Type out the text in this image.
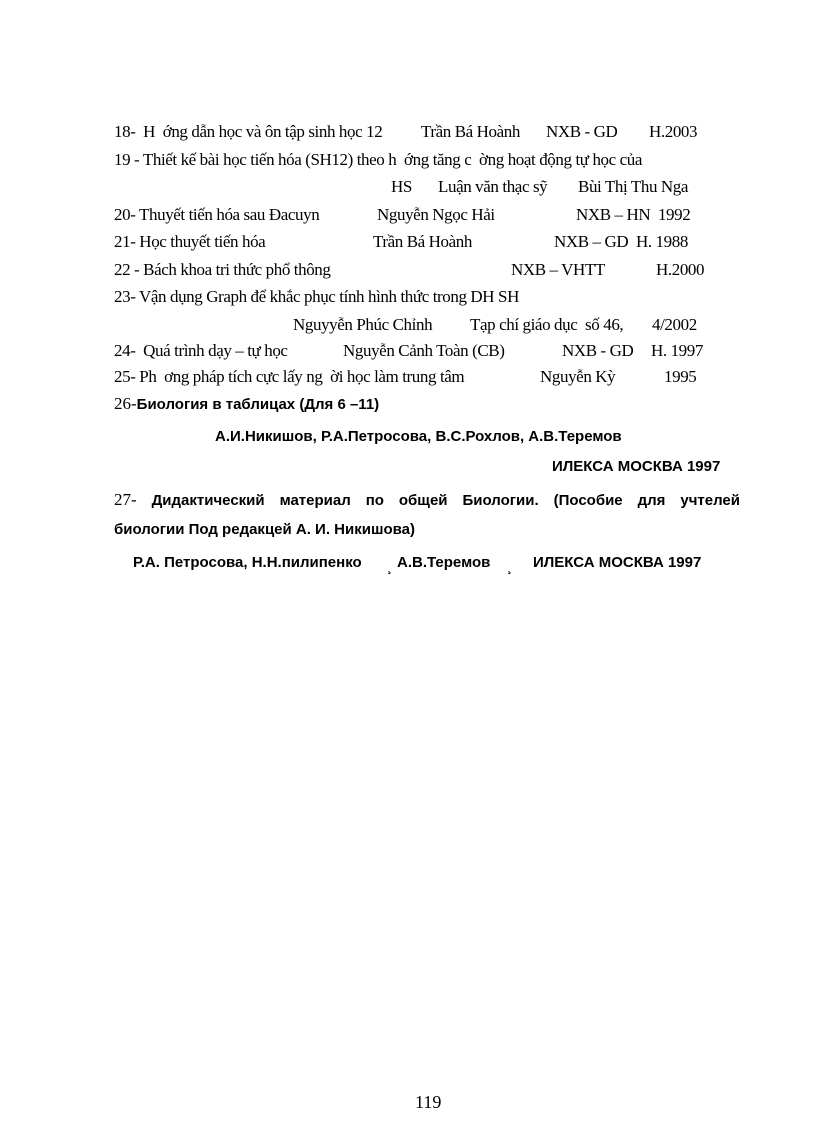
18-  H  ớng dẫn học và ôn tập sinh học 12 Trần Bá Hoành NXB - GD H.2003
19 - Thiết kế bài học tiến hóa (SH12) theo h  ớng tăng c  ờng hoạt động tự học của
HS Luận văn thạc sỹ Bùi Thị Thu Nga
20- Thuyết tiến hóa sau Đacuyn	Nguyễn Ngọc Hải	NXB – HN  1992
21- Học thuyết tiến hóa	Trần Bá Hoành	NXB – GD  H. 1988
22 - Bách khoa tri thức phổ thông	NXB – VHTT	H.2000
23- Vận dụng Graph để khắc phục tính hình thức trong DH SH
Nguyyễn Phúc Chỉnh Tạp chí giáo dục  số 46, 4/2002
24-  Quá trình dạy – tự học	Nguyễn Cảnh Toàn (CB)	NXB - GD H. 1997
25- Ph  ơng pháp tích cực lấy ng  ời học làm trung tâm	Nguyễn Kỳ	1995
26-Биология в таблицах (Для 6 –11)
А.И.Никишов, Р.А.Петросова, В.С.Рохлов, А.В.Теремов
ИЛЕКСА МОСКВА 1997
27- Дидактический материал по общей Биологии. (Пособие для учтелей
биологии Под редакцей А. И. Никишова)
Р.А. Петросова, Н.Н.пилипенко ¸ А.В.Теремов ¸ ИЛЕКСА МОСКВА 1997
119
